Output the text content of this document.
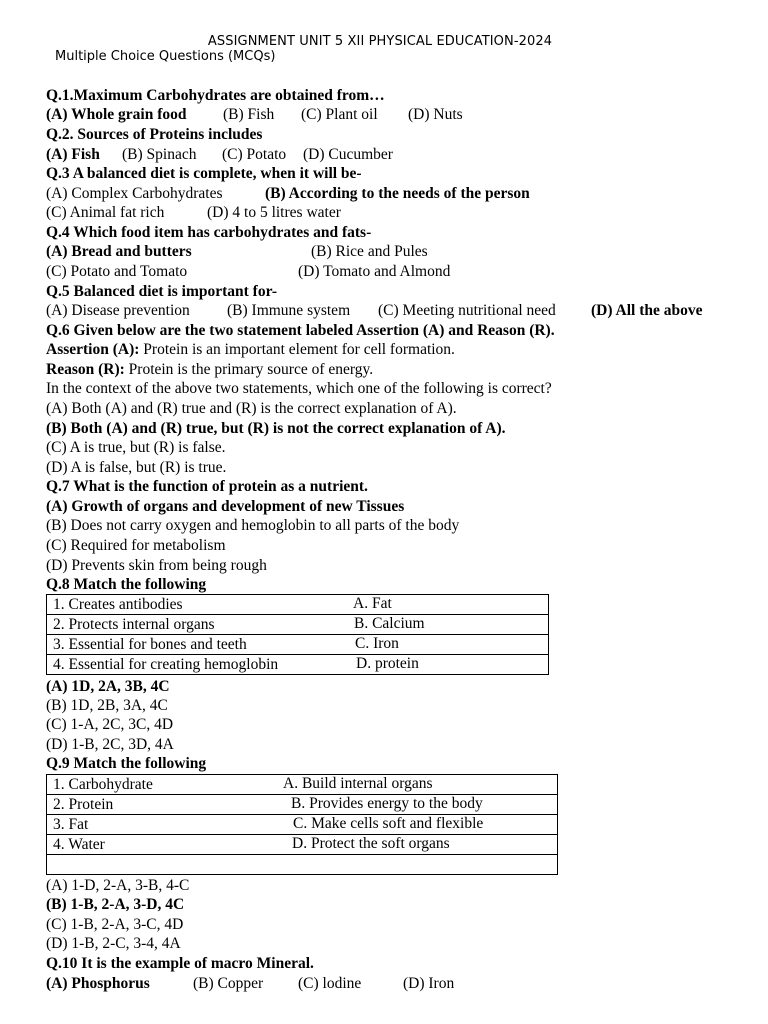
ASSIGNMENT UNIT 5 XII PHYSICAL EDUCATION-2024
Multiple Choice Questions (MCQs)
Q.1.Maximum Carbohydrates are obtained from…
(A) Whole grain food (B) Fish (C) Plant oil (D) Nuts
Q.2. Sources of Proteins includes
(A) Fish (B) Spinach (C) Potato (D) Cucumber
Q.3 A balanced diet is complete, when it will be-
(A) Complex Carbohydrates	(B) According to the needs of the person
(C) Animal fat rich	(D) 4 to 5 litres water
Q.4 Which food item has carbohydrates and fats-
(A) Bread and butters	(B) Rice and Pules
(C) Potato and Tomato	(D) Tomato and Almond
Q.5 Balanced diet is important for-
(A) Disease prevention (B) Immune system (C) Meeting nutritional need (D) All the above
Q.6 Given below are the two statement labeled Assertion (A) and Reason (R).
Assertion (A): Protein is an important element for cell formation.
Reason (R): Protein is the primary source of energy.
In the context of the above two statements, which one of the following is correct?
(A) Both (A) and (R) true and (R) is the correct explanation of A).
(B) Both (A) and (R) true, but (R) is not the correct explanation of A).
(C) A is true, but (R) is false.
(D) A is false, but (R) is true.
Q.7 What is the function of protein as a nutrient.
(A) Growth of organs and development of new Tissues
(B) Does not carry oxygen and hemoglobin to all parts of the body
(C) Required for metabolism
(D) Prevents skin from being rough
Q.8 Match the following
1. Creates antibodies	A. Fat

2. Protects internal organs	B. Calcium

3. Essential for bones and teeth	C. Iron

4. Essential for creating hemoglobin	D. protein
(A) 1D, 2A, 3B, 4C
(B) 1D, 2B, 3A, 4C
(C) 1-A, 2C, 3C, 4D
(D) 1-B, 2C, 3D, 4A
Q.9 Match the following
1. Carbohydrate	A. Build internal organs

2. Protein	B. Provides energy to the body

3. Fat	C. Make cells soft and flexible

4. Water	D. Protect the soft organs

(A) 1-D, 2-A, 3-B, 4-C
(B) 1-B, 2-A, 3-D, 4C
(C) 1-B, 2-A, 3-C, 4D
(D) 1-B, 2-C, 3-4, 4A
Q.10 It is the example of macro Mineral.
(A) Phosphorus	(B) Copper (C) lodine	(D) Iron
